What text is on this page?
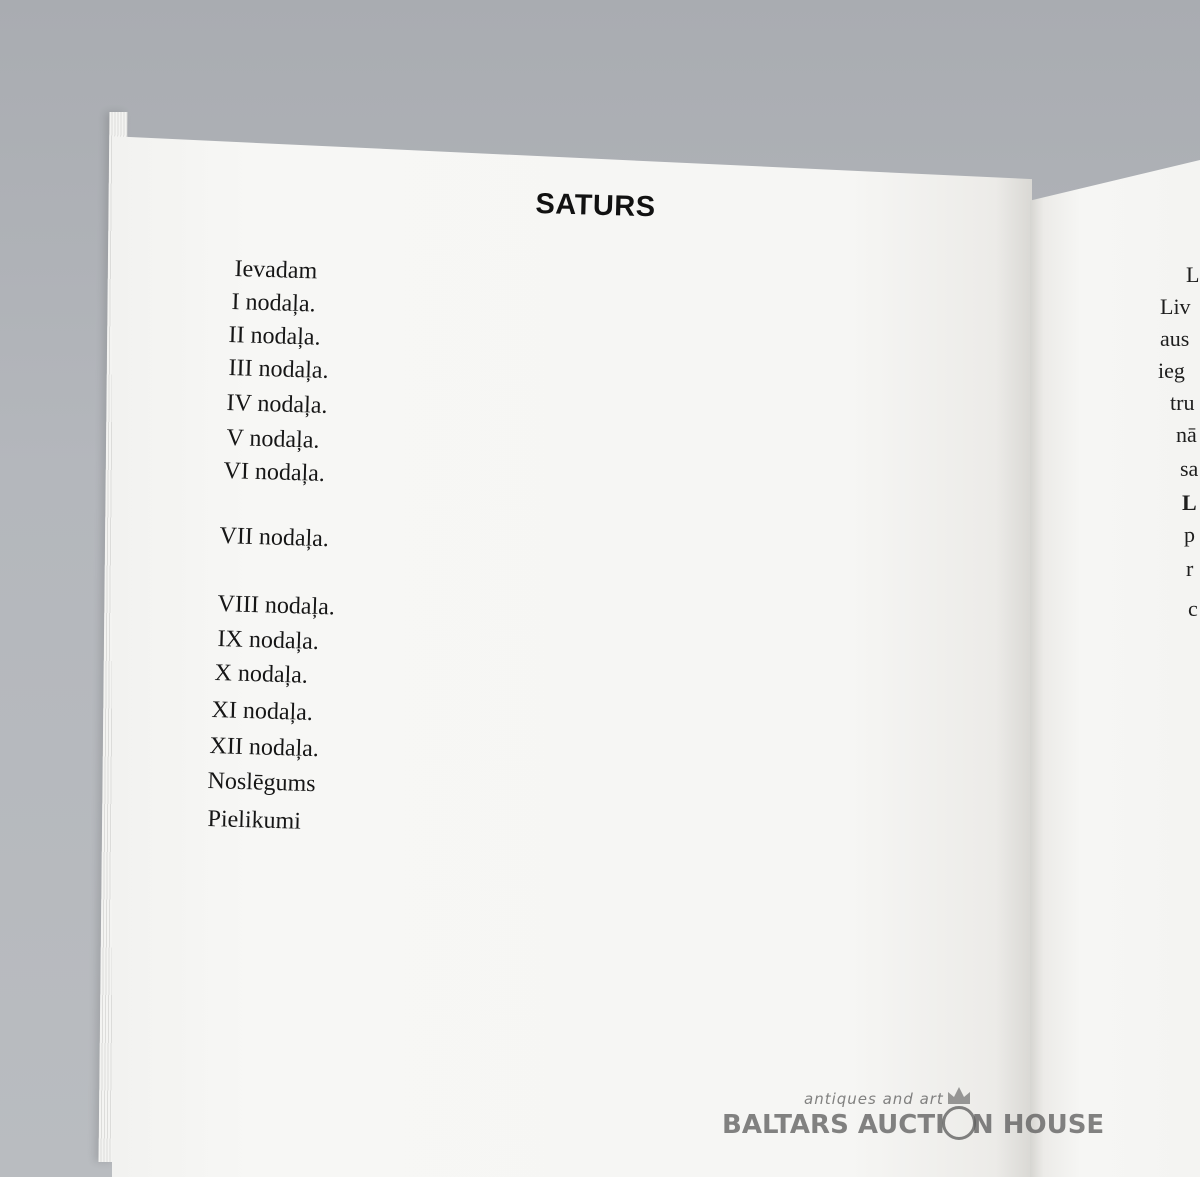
SATURS
Ievadam
I nodaļa.
II nodaļa.
III nodaļa.
IV nodaļa.
V nodaļa.
VI nodaļa.
VII nodaļa.
VIII nodaļa.
IX nodaļa.
X nodaļa.
XI nodaļa.
XII nodaļa.
Noslēgums
Pielikumi
L
Liv
aus
ieg
tru
nā
sa
L
p
r
c
antiques and art
BALTARS AUCTI   N HOUSE
